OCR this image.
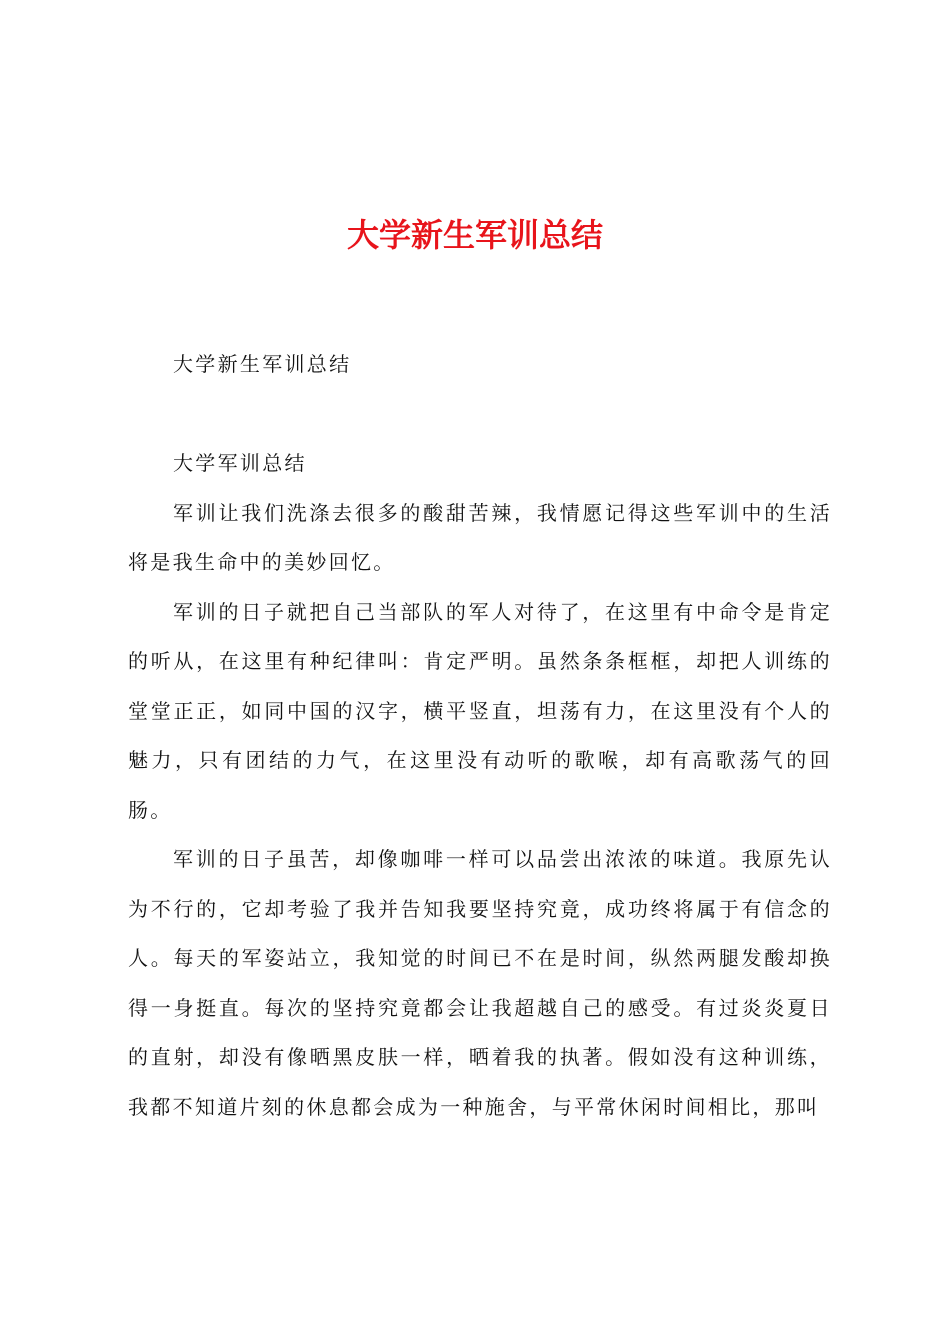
大学新生军训总结

大学新生军训总结

大学军训总结

军训让我们洗涤去很多的酸甜苦辣，我情愿记得这些军训中的生活将是我生命中的美妙回忆。

军训的日子就把自己当部队的军人对待了，在这里有中命令是肯定的听从，在这里有种纪律叫：肯定严明。虽然条条框框，却把人训练的堂堂正正，如同中国的汉字，横平竖直，坦荡有力，在这里没有个人的魅力，只有团结的力气，在这里没有动听的歌喉，却有高歌荡气的回肠。

军训的日子虽苦，却像咖啡一样可以品尝出浓浓的味道。我原先认为不行的，它却考验了我并告知我要坚持究竟，成功终将属于有信念的人。每天的军姿站立，我知觉的时间已不在是时间，纵然两腿发酸却换得一身挺直。每次的坚持究竟都会让我超越自己的感受。有过炎炎夏日的直射，却没有像晒黑皮肤一样，晒着我的执著。假如没有这种训练，我都不知道片刻的休息都会成为一种施舍，与平常休闲时间相比，那叫
